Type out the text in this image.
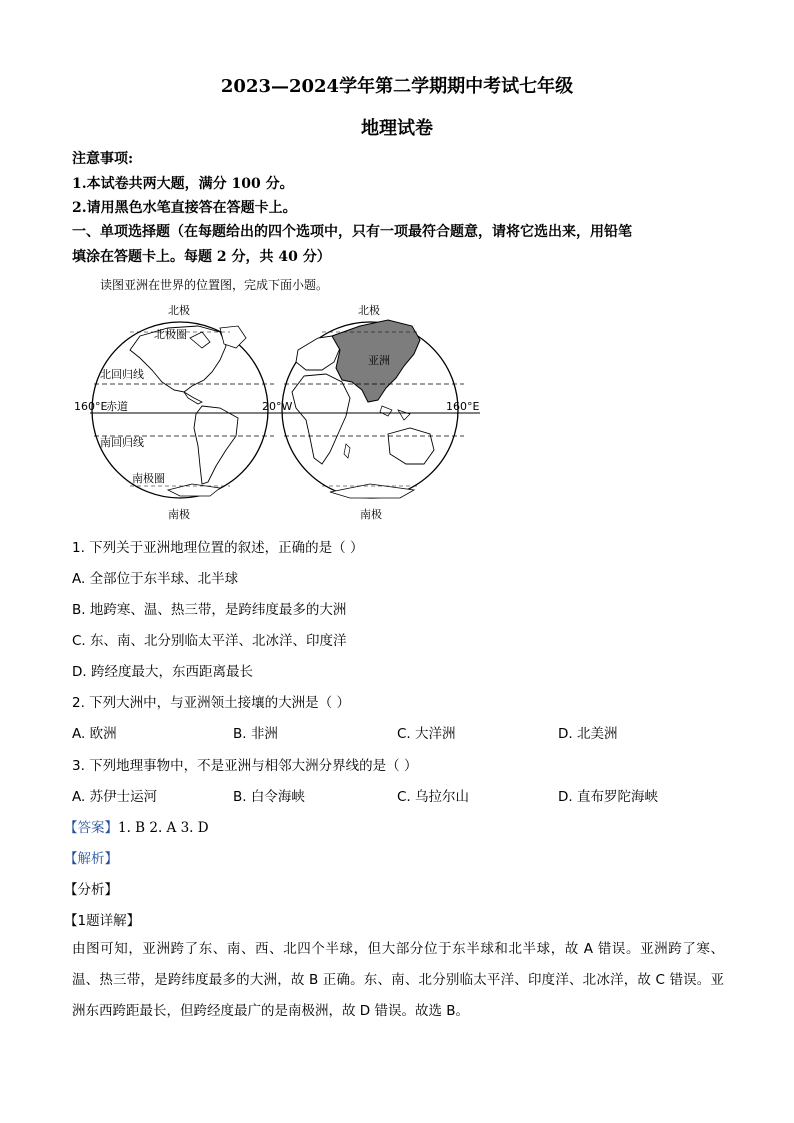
2023—2024学年第二学期期中考试七年级
地理试卷
注意事项:
1.本试卷共两大题，满分 100 分。
2.请用黑色水笔直接答在答题卡上。
一、单项选择题（在每题给出的四个选项中，只有一项最符合题意，请将它选出来，用铅笔
填涂在答题卡上。每题 2 分，共 40 分）
读图亚洲在世界的位置图，完成下面小题。
北极	北极
北极圈
北回归线
160°E
赤道	20°W	160°E
南回归线
南极圈
南极	南极
亚洲
1. 下列关于亚洲地理位置的叙述，正确的是（ ）
A. 全部位于东半球、北半球
B. 地跨寒、温、热三带，是跨纬度最多的大洲
C. 东、南、北分别临太平洋、北冰洋、印度洋
D. 跨经度最大，东西距离最长
2. 下列大洲中，与亚洲领土接壤的大洲是（ ）
A. 欧洲	B. 非洲	C. 大洋洲	D. 北美洲
3. 下列地理事物中，不是亚洲与相邻大洲分界线的是（ ）
A. 苏伊士运河	B. 白令海峡	C. 乌拉尔山	D. 直布罗陀海峡
【答案】1. B 2. A 3. D
【解析】
【分析】
【1题详解】
由图可知，亚洲跨了东、南、西、北四个半球，但大部分位于东半球和北半球，故 A 错误。亚洲跨了寒、温、热三带，是跨纬度最多的大洲，故 B 正确。东、南、北分别临太平洋、印度洋、北冰洋，故 C 错误。亚洲东西跨距最长，但跨经度最广的是南极洲，故 D 错误。故选 B。
